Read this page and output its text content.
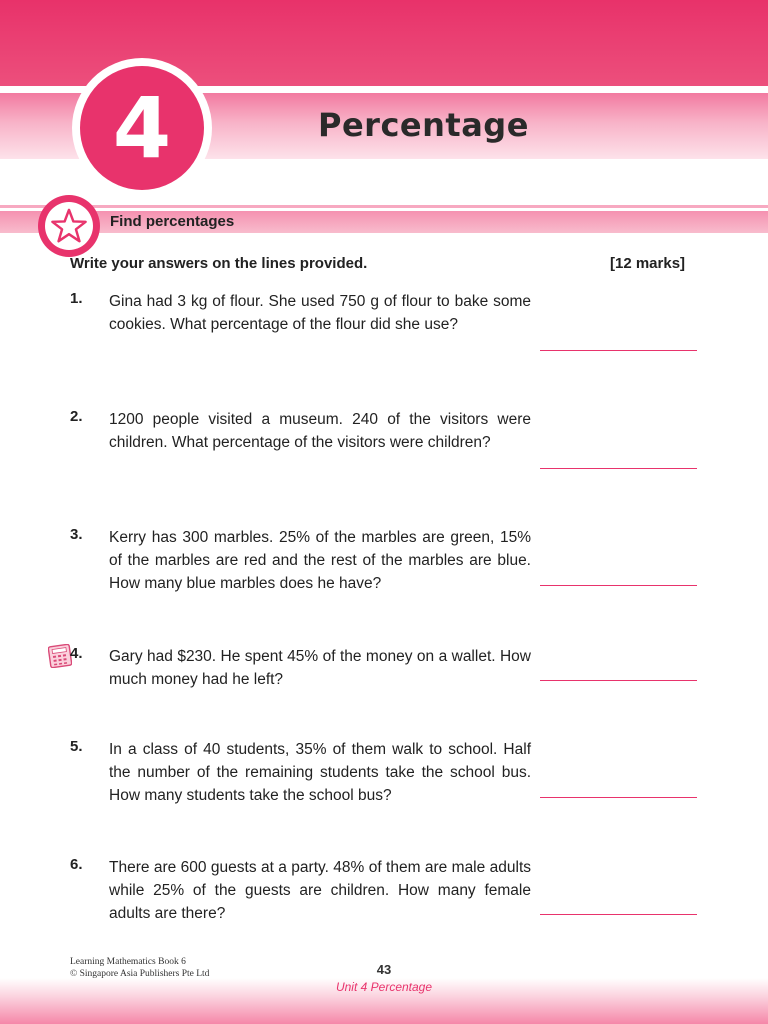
4	Percentage
Find percentages
Write your answers on the lines provided.	[12 marks]
1. Gina had 3 kg of flour. She used 750 g of flour to bake some cookies. What percentage of the flour did she use?
2. 1200 people visited a museum. 240 of the visitors were children. What percentage of the visitors were children?
3. Kerry has 300 marbles. 25% of the marbles are green, 15% of the marbles are red and the rest of the marbles are blue. How many blue marbles does he have?
4. Gary had $230. He spent 45% of the money on a wallet. How much money had he left?
5. In a class of 40 students, 35% of them walk to school. Half the number of the remaining students take the school bus. How many students take the school bus?
6. There are 600 guests at a party. 48% of them are male adults while 25% of the guests are children. How many female adults are there?
Learning Mathematics Book 6
© Singapore Asia Publishers Pte Ltd	43
Unit 4 Percentage
